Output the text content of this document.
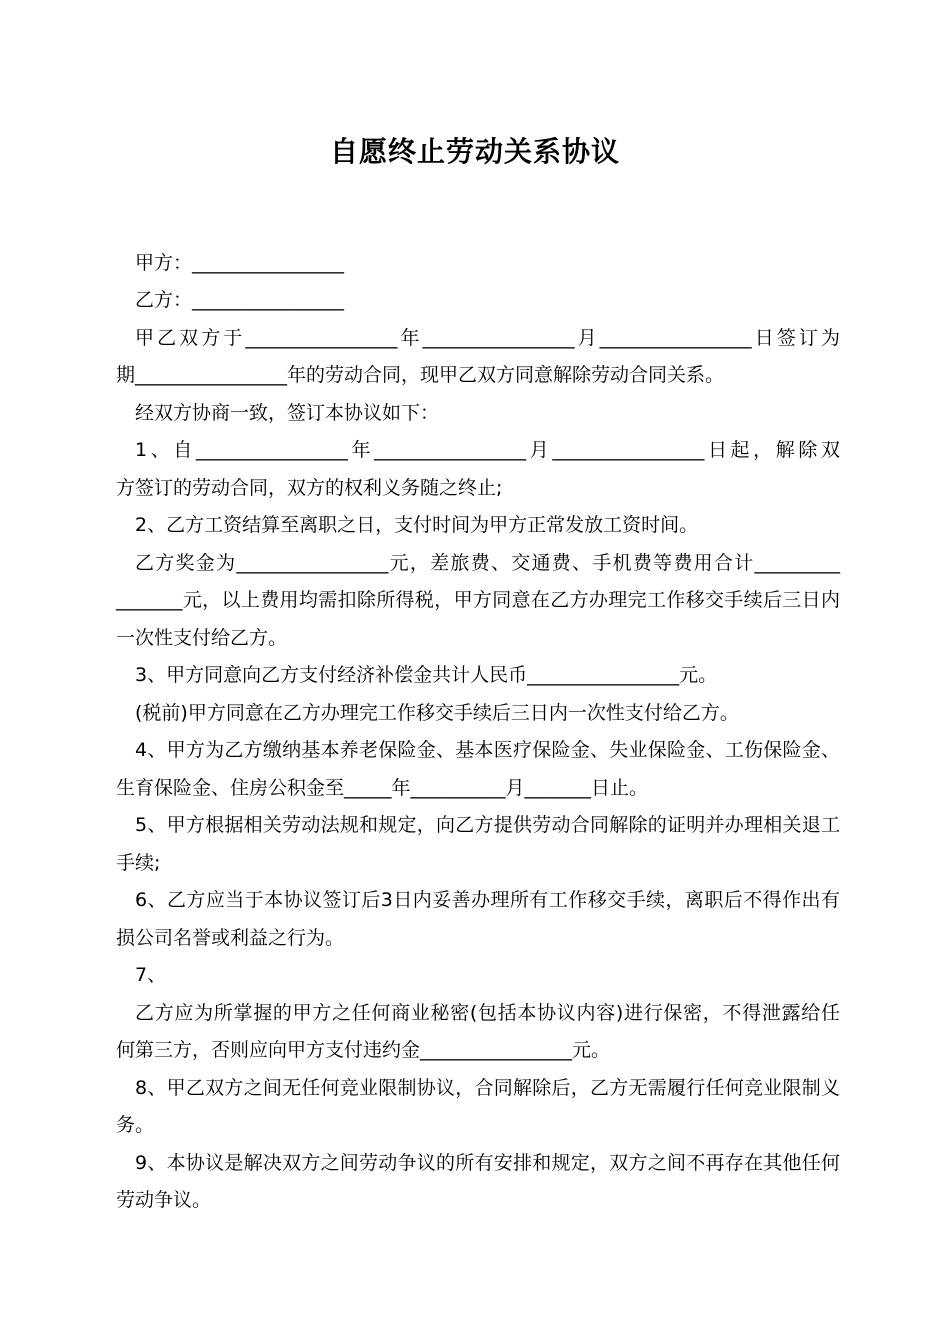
自愿终止劳动关系协议
甲方：________________
乙方：________________
甲乙双方于________________年________________月________________日签订为
期________________年的劳动合同，现甲乙双方同意解除劳动合同关系。
经双方协商一致，签订本协议如下：
1、自________________年________________月________________日起，解除双
方签订的劳动合同，双方的权利义务随之终止;
2、乙方工资结算至离职之日，支付时间为甲方正常发放工资时间。
乙方奖金为________________元，差旅费、交通费、手机费等费用合计_________
_______元，以上费用均需扣除所得税，甲方同意在乙方办理完工作移交手续后三日内
一次性支付给乙方。
3、甲方同意向乙方支付经济补偿金共计人民币________________元。
(税前)甲方同意在乙方办理完工作移交手续后三日内一次性支付给乙方。
4、甲方为乙方缴纳基本养老保险金、基本医疗保险金、失业保险金、工伤保险金、
生育保险金、住房公积金至_____年__________月_______日止。
5、甲方根据相关劳动法规和规定，向乙方提供劳动合同解除的证明并办理相关退工
手续;
6、乙方应当于本协议签订后3日内妥善办理所有工作移交手续，离职后不得作出有
损公司名誉或利益之行为。
7、
乙方应为所掌握的甲方之任何商业秘密(包括本协议内容)进行保密，不得泄露给任
何第三方，否则应向甲方支付违约金________________元。
8、甲乙双方之间无任何竞业限制协议，合同解除后，乙方无需履行任何竞业限制义
务。
9、本协议是解决双方之间劳动争议的所有安排和规定，双方之间不再存在其他任何
劳动争议。
